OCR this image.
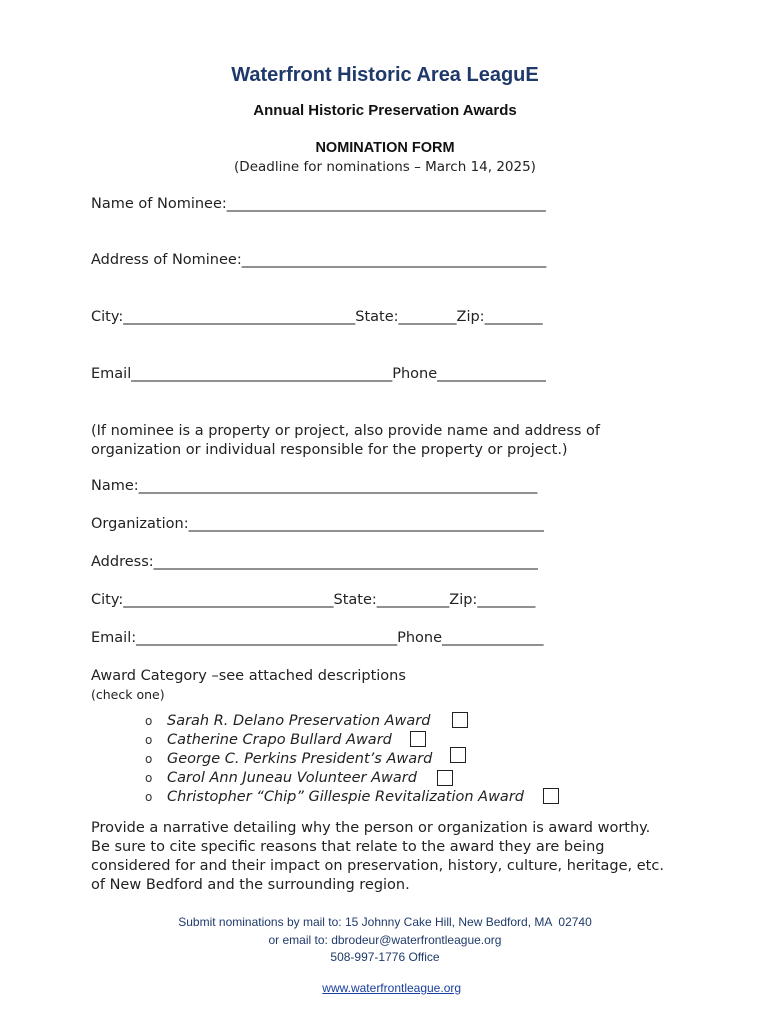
Waterfront Historic Area LeaguE
Annual Historic Preservation Awards
NOMINATION FORM
(Deadline for nominations – March 14, 2025)
Name of Nominee:____________________________________________
Address of Nominee:__________________________________________
City:________________________________State:________Zip:________
Email____________________________________Phone_______________
(If nominee is a property or project, also provide name and address of organization or individual responsible for the property or project.)
Name:_______________________________________________________
Organization:_________________________________________________
Address:_____________________________________________________
City:_____________________________State:__________Zip:________
Email:____________________________________Phone______________
Award Category –see attached descriptions
(check one)
o	Sarah R. Delano Preservation Award
o	Catherine Crapo Bullard Award
o	George C. Perkins President’s Award
o	Carol Ann Juneau Volunteer Award
o	Christopher “Chip” Gillespie Revitalization Award
Provide a narrative detailing why the person or organization is award worthy. Be sure to cite specific reasons that relate to the award they are being considered for and their impact on preservation, history, culture, heritage, etc. of New Bedford and the surrounding region.
Submit nominations by mail to: 15 Johnny Cake Hill, New Bedford, MA  02740
or email to: dbrodeur@waterfrontleague.org
508-997-1776 Office

www.waterfrontleague.org
